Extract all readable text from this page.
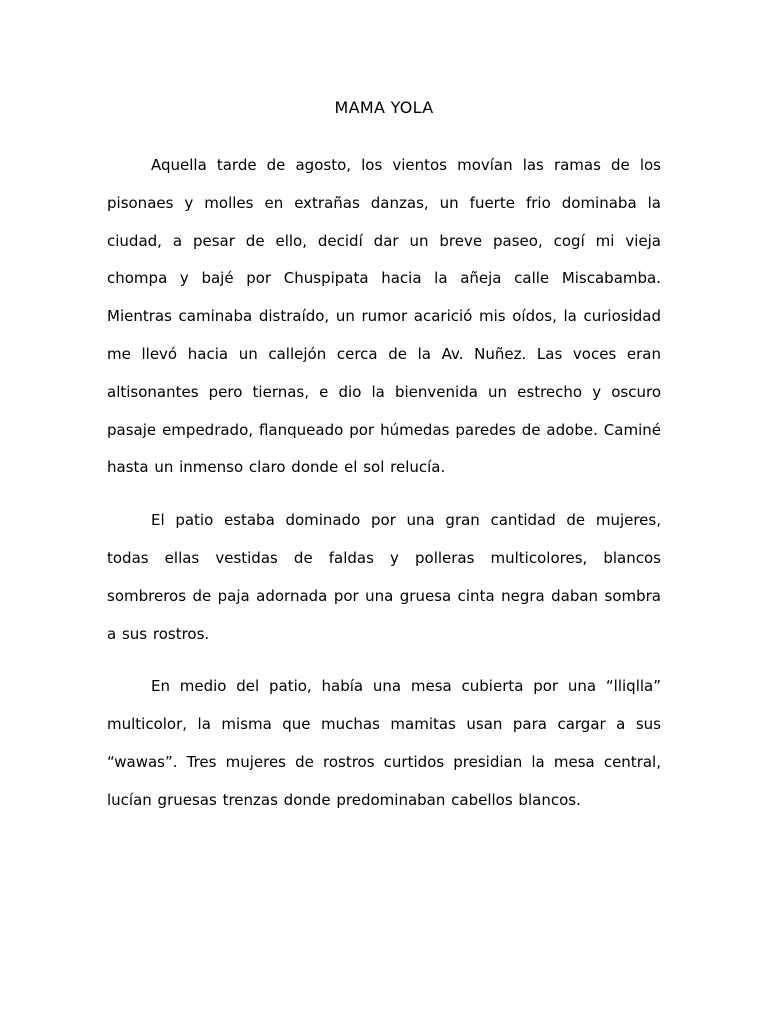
MAMA YOLA

Aquella tarde de agosto, los vientos movían las ramas de los pisonaes y molles en extrañas danzas, un fuerte frio dominaba la ciudad, a pesar de ello, decidí dar un breve paseo, cogí mi vieja chompa y bajé por Chuspipata hacia la añeja calle Miscabamba. Mientras caminaba distraído, un rumor acarició mis oídos, la curiosidad me llevó hacia un callejón cerca de la Av. Nuñez. Las voces eran altisonantes pero tiernas, e dio la bienvenida un estrecho y oscuro pasaje empedrado, flanqueado por húmedas paredes de adobe. Caminé hasta un inmenso claro donde el sol relucía.

El patio estaba dominado por una gran cantidad de mujeres, todas ellas vestidas de faldas y polleras multicolores, blancos sombreros de paja adornada por una gruesa cinta negra daban sombra a sus rostros.

En medio del patio, había una mesa cubierta por una “lliqlla” multicolor, la misma que muchas mamitas usan para cargar a sus “wawas”. Tres mujeres de rostros curtidos presidian la mesa central, lucían gruesas trenzas donde predominaban cabellos blancos.
